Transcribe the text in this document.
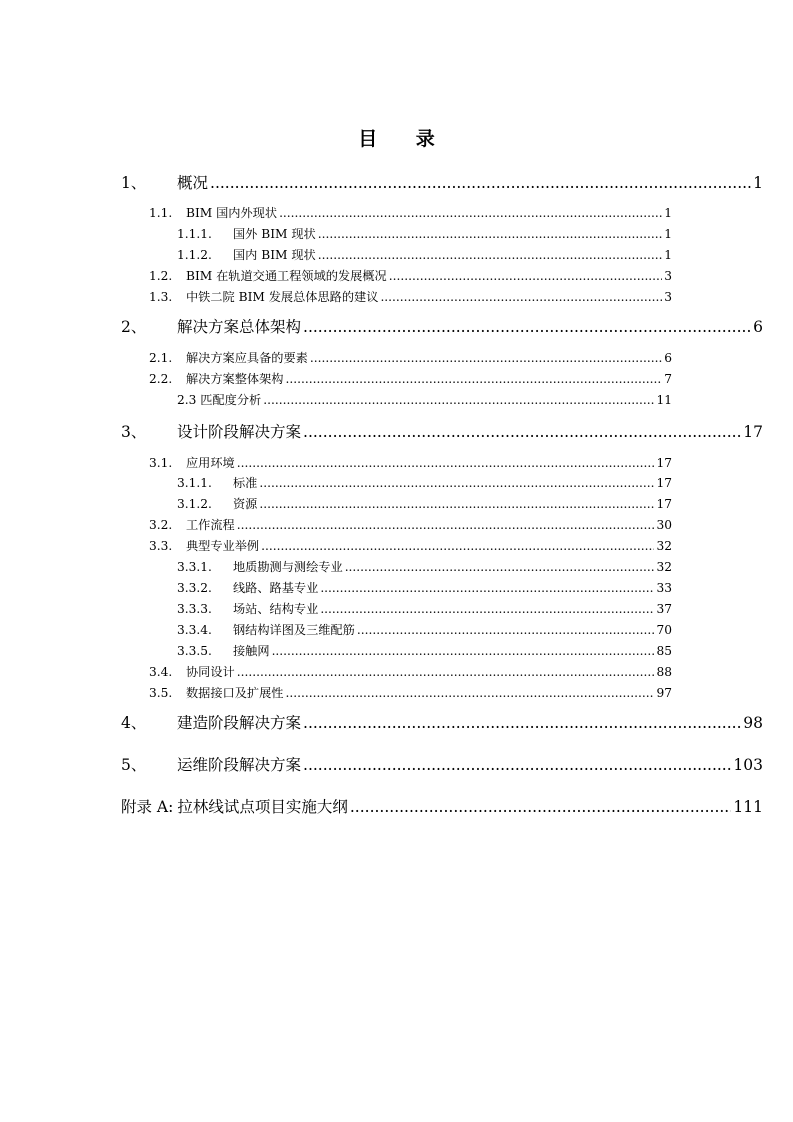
目 录
1、	概况 .....	1
1.1.	BIM 国内外现状 .....	1
1.1.1.	国外 BIM 现状 .....	1
1.1.2.	国内 BIM 现状 .....	1
1.2.	BIM 在轨道交通工程领域的发展概况 .....	3
1.3.	中铁二院 BIM 发展总体思路的建议 .....	3
2、	解决方案总体架构 .....	6
2.1.	解决方案应具备的要素 .....	6
2.2.	解决方案整体架构 .....	7
2.3 匹配度分析 .....	11
3、	设计阶段解决方案 .....	17
3.1.	应用环境 .....	17
3.1.1.	标准 .....	17
3.1.2.	资源 .....	17
3.2.	工作流程 .....	30
3.3.	典型专业举例 .....	32
3.3.1.	地质勘测与测绘专业 .....	32
3.3.2.	线路、路基专业 .....	33
3.3.3.	场站、结构专业 .....	37
3.3.4.	钢结构详图及三维配筋 .....	70
3.3.5.	接触网 .....	85
3.4.	协同设计 .....	88
3.5.	数据接口及扩展性 .....	97
4、	建造阶段解决方案 .....	98
5、	运维阶段解决方案 .....	103
附录 A: 拉林线试点项目实施大纲 .....	111
